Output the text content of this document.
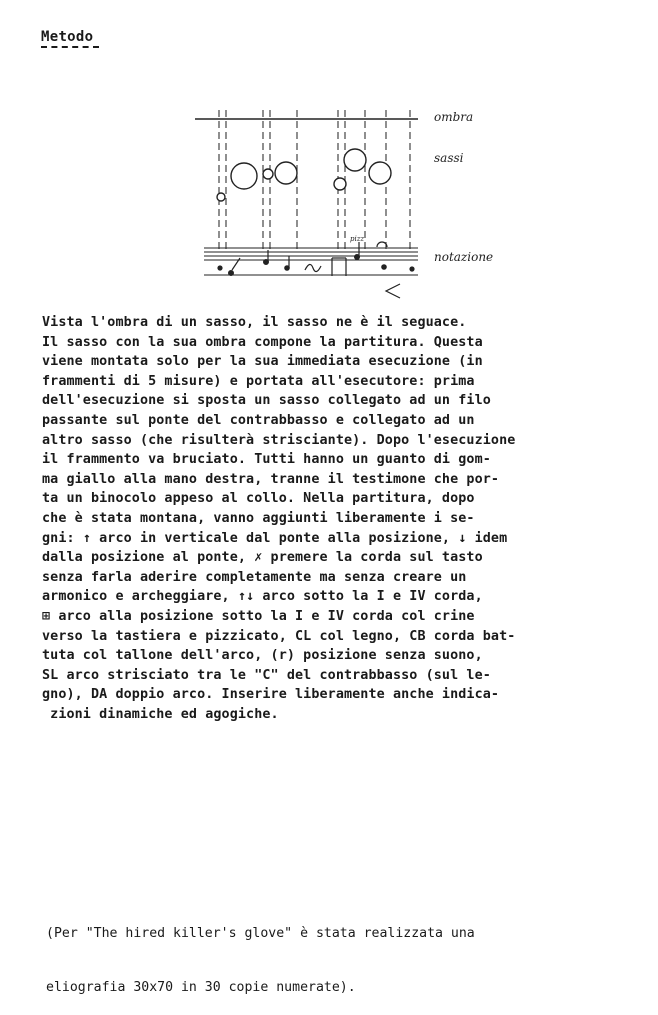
Metodo
pizz
ombra
sassi
notazione

Vista l'ombra di un sasso, il sasso ne è il seguace.

Il sasso con la sua ombra compone la partitura. Questa

viene montata solo per la sua immediata esecuzione (in

frammenti di 5 misure) e portata all'esecutore: prima

dell'esecuzione si sposta un sasso collegato ad un filo

passante sul ponte del contrabbasso e collegato ad un

altro sasso (che risulterà strisciante). Dopo l'esecuzione

il frammento va bruciato. Tutti hanno un guanto di gom-

ma giallo alla mano destra, tranne il testimone che por-

ta un binocolo appeso al collo. Nella partitura, dopo

che è stata montana, vanno aggiunti liberamente i se-

gni: ↑ arco in verticale dal ponte alla posizione, ↓ idem

dalla posizione al ponte, ✗ premere la corda sul tasto

senza farla aderire completamente ma senza creare un

armonico e archeggiare, ↑↓ arco sotto la I e IV corda,

⊞ arco alla posizione sotto la I e IV corda col crine

verso la tastiera e pizzicato, CL col legno, CB corda bat-

tuta col tallone dell'arco, (r) posizione senza suono,

SL arco strisciato tra le "C" del contrabbasso (sul le-

gno), DA doppio arco. Inserire liberamente anche indica-

zioni dinamiche ed agogiche.

(Per "The hired killer's glove" è stata realizzata una

eliografia 30x70 in 30 copie numerate).
